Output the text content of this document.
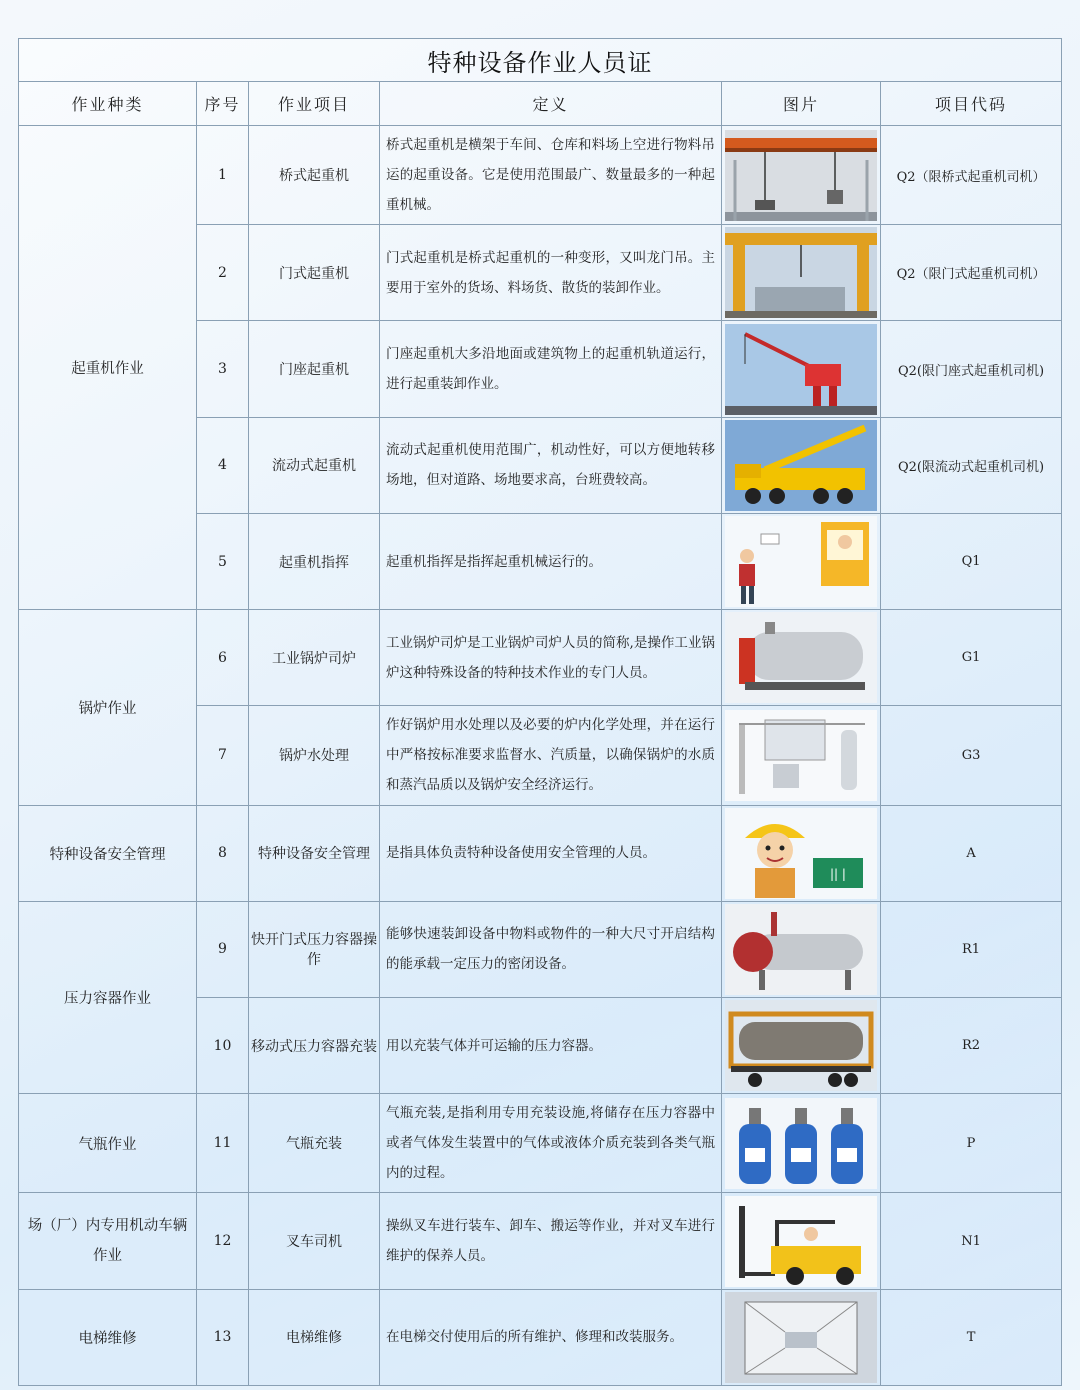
特种设备作业人员证					
作业种类	序号	作业项目	定义	图片	项目代码
起重机作业	1	桥式起重机	桥式起重机是横架于车间、仓库和料场上空进行物料吊运的起重设备。它是使用范围最广、数量最多的一种起重机械。		Q2（限桥式起重机司机）
	2	门式起重机	门式起重机是桥式起重机的一种变形，又叫龙门吊。主要用于室外的货场、料场货、散货的装卸作业。		Q2（限门式起重机司机）
	3	门座起重机	门座起重机大多沿地面或建筑物上的起重机轨道运行，进行起重装卸作业。		Q2(限门座式起重机司机)
	4	流动式起重机	流动式起重机使用范围广，机动性好，可以方便地转移场地，但对道路、场地要求高，台班费较高。		Q2(限流动式起重机司机)
	5	起重机指挥	起重机指挥是指挥起重机械运行的。		Q1
锅炉作业	6	工业锅炉司炉	工业锅炉司炉是工业锅炉司炉人员的简称,是操作工业锅炉这种特殊设备的特种技术作业的专门人员。		G1
	7	锅炉水处理	作好锅炉用水处理以及必要的炉内化学处理，并在运行中严格按标准要求监督水、汽质量，以确保锅炉的水质和蒸汽品质以及锅炉安全经济运行。		G3
特种设备安全管理	8	特种设备安全管理	是指具体负责特种设备使用安全管理的人员。	|| |	A
压力容器作业	9	快开门式压力容器操作	能够快速装卸设备中物料或物件的一种大尺寸开启结构的能承载一定压力的密闭设备。		R1
	10	移动式压力容器充装	用以充装气体并可运输的压力容器。		R2
气瓶作业	11	气瓶充装	气瓶充装,是指利用专用充装设施,将储存在压力容器中或者气体发生装置中的气体或液体介质充装到各类气瓶内的过程。		P
场（厂）内专用机动车辆作业	12	叉车司机	操纵叉车进行装车、卸车、搬运等作业，并对叉车进行维护的保养人员。		N1
电梯维修	13	电梯维修	在电梯交付使用后的所有维护、修理和改装服务。		T
